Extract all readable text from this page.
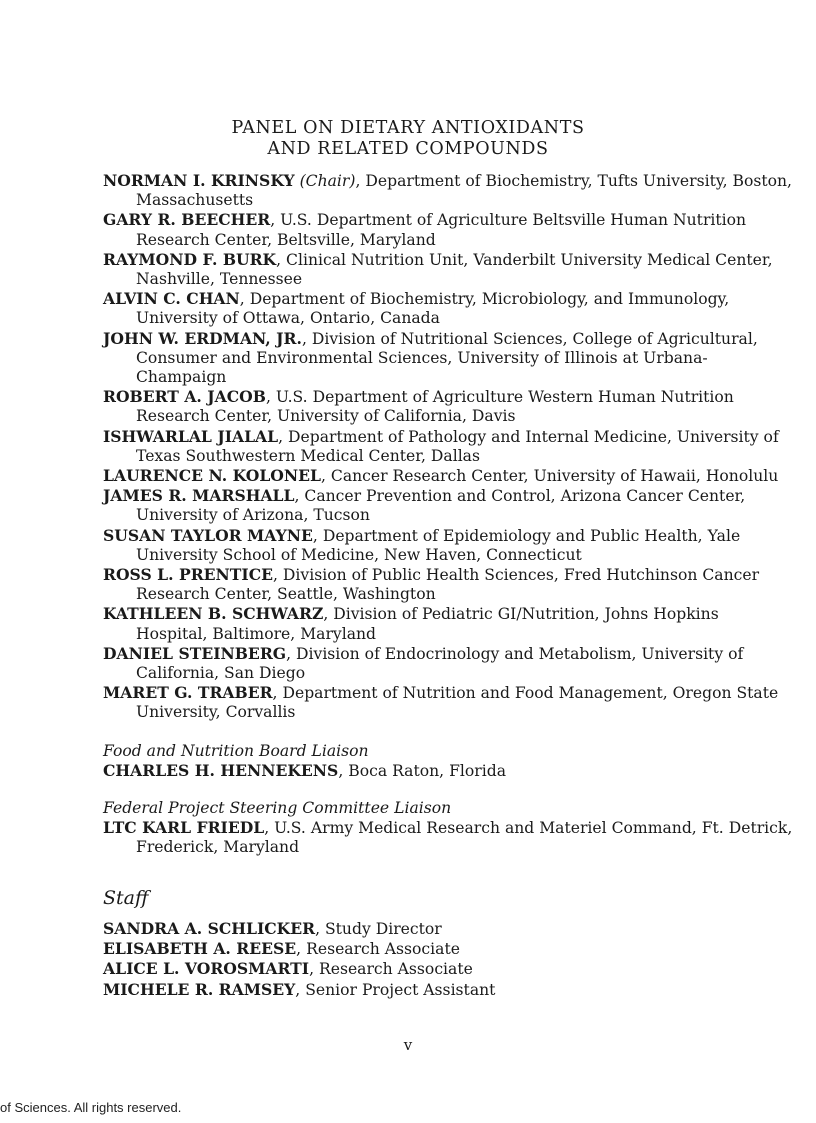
PANEL ON DIETARY ANTIOXIDANTS
AND RELATED COMPOUNDS
NORMAN I. KRINSKY (Chair), Department of Biochemistry, Tufts University, Boston, Massachusetts
GARY R. BEECHER, U.S. Department of Agriculture Beltsville Human Nutrition Research Center, Beltsville, Maryland
RAYMOND F. BURK, Clinical Nutrition Unit, Vanderbilt University Medical Center, Nashville, Tennessee
ALVIN C. CHAN, Department of Biochemistry, Microbiology, and Immunology, University of Ottawa, Ontario, Canada
JOHN W. ERDMAN, JR., Division of Nutritional Sciences, College of Agricultural, Consumer and Environmental Sciences, University of Illinois at Urbana-Champaign
ROBERT A. JACOB, U.S. Department of Agriculture Western Human Nutrition Research Center, University of California, Davis
ISHWARLAL JIALAL, Department of Pathology and Internal Medicine, University of Texas Southwestern Medical Center, Dallas
LAURENCE N. KOLONEL, Cancer Research Center, University of Hawaii, Honolulu
JAMES R. MARSHALL, Cancer Prevention and Control, Arizona Cancer Center, University of Arizona, Tucson
SUSAN TAYLOR MAYNE, Department of Epidemiology and Public Health, Yale University School of Medicine, New Haven, Connecticut
ROSS L. PRENTICE, Division of Public Health Sciences, Fred Hutchinson Cancer Research Center, Seattle, Washington
KATHLEEN B. SCHWARZ, Division of Pediatric GI/Nutrition, Johns Hopkins Hospital, Baltimore, Maryland
DANIEL STEINBERG, Division of Endocrinology and Metabolism, University of California, San Diego
MARET G. TRABER, Department of Nutrition and Food Management, Oregon State University, Corvallis
Food and Nutrition Board Liaison
CHARLES H. HENNEKENS, Boca Raton, Florida
Federal Project Steering Committee Liaison
LTC KARL FRIEDL, U.S. Army Medical Research and Materiel Command, Ft. Detrick, Frederick, Maryland
Staff
SANDRA A. SCHLICKER, Study Director
ELISABETH A. REESE, Research Associate
ALICE L. VOROSMARTI, Research Associate
MICHELE R. RAMSEY, Senior Project Assistant
v
of Sciences. All rights reserved.
